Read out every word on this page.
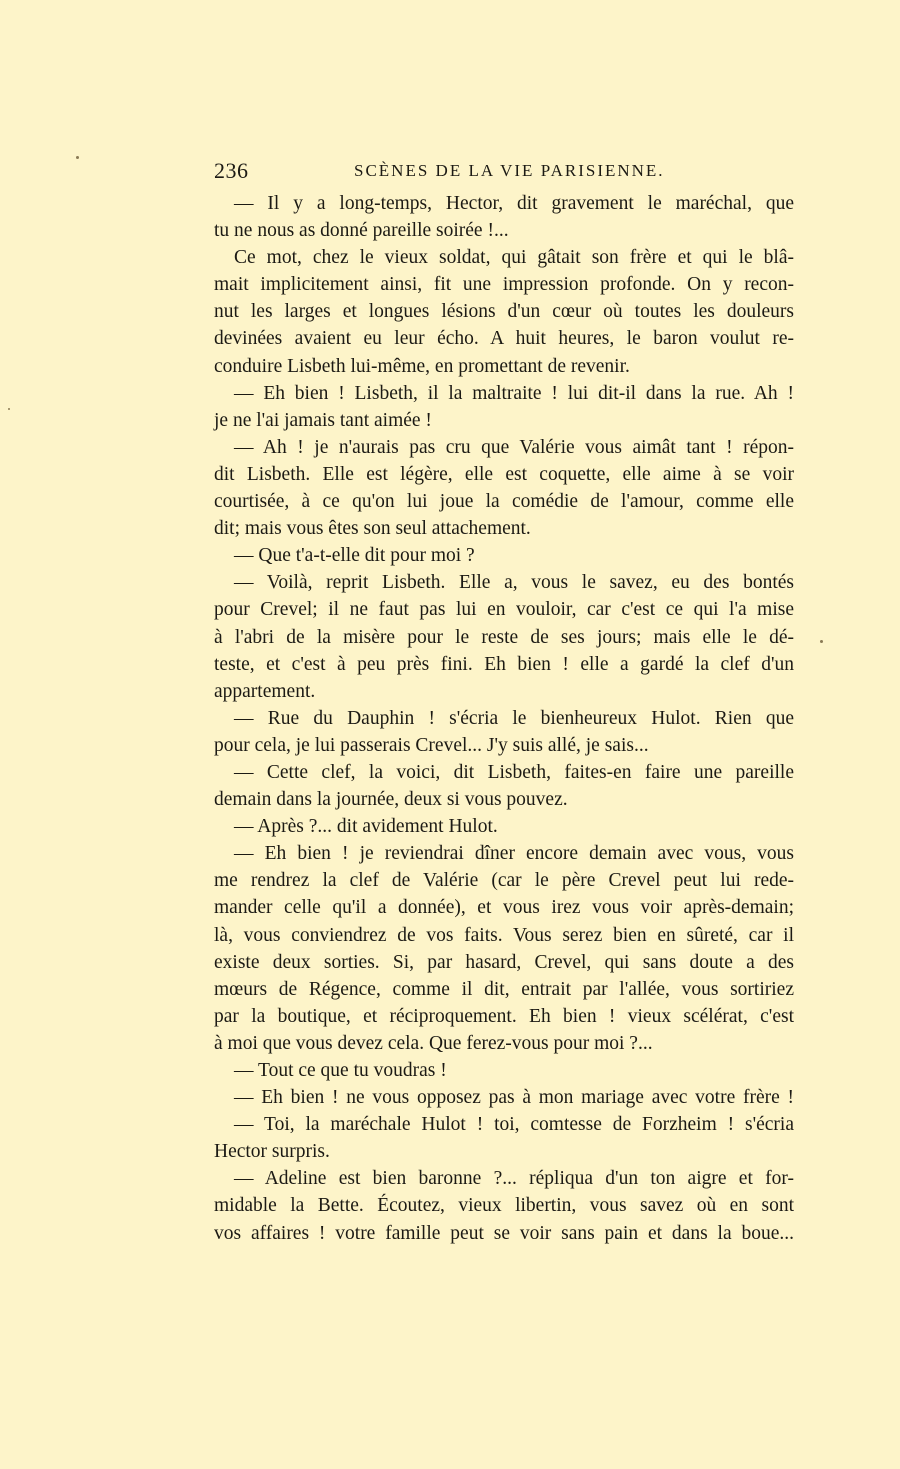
236	SCÈNES DE LA VIE PARISIENNE.
— Il y a long-temps, Hector, dit gravement le maréchal, que
tu ne nous as donné pareille soirée !...
Ce mot, chez le vieux soldat, qui gâtait son frère et qui le blâ-
mait implicitement ainsi, fit une impression profonde. On y recon-
nut les larges et longues lésions d'un cœur où toutes les douleurs
devinées avaient eu leur écho. A huit heures, le baron voulut re-
conduire Lisbeth lui-même, en promettant de revenir.
— Eh bien ! Lisbeth, il la maltraite ! lui dit-il dans la rue. Ah !
je ne l'ai jamais tant aimée !
— Ah ! je n'aurais pas cru que Valérie vous aimât tant ! répon-
dit Lisbeth. Elle est légère, elle est coquette, elle aime à se voir
courtisée, à ce qu'on lui joue la comédie de l'amour, comme elle
dit; mais vous êtes son seul attachement.
— Que t'a-t-elle dit pour moi ?
— Voilà, reprit Lisbeth. Elle a, vous le savez, eu des bontés
pour Crevel; il ne faut pas lui en vouloir, car c'est ce qui l'a mise
à l'abri de la misère pour le reste de ses jours; mais elle le dé-
teste, et c'est à peu près fini. Eh bien ! elle a gardé la clef d'un
appartement.
— Rue du Dauphin ! s'écria le bienheureux Hulot. Rien que
pour cela, je lui passerais Crevel... J'y suis allé, je sais...
— Cette clef, la voici, dit Lisbeth, faites-en faire une pareille
demain dans la journée, deux si vous pouvez.
— Après ?... dit avidement Hulot.
— Eh bien ! je reviendrai dîner encore demain avec vous, vous
me rendrez la clef de Valérie (car le père Crevel peut lui rede-
mander celle qu'il a donnée), et vous irez vous voir après-demain;
là, vous conviendrez de vos faits. Vous serez bien en sûreté, car il
existe deux sorties. Si, par hasard, Crevel, qui sans doute a des
mœurs de Régence, comme il dit, entrait par l'allée, vous sortiriez
par la boutique, et réciproquement. Eh bien ! vieux scélérat, c'est
à moi que vous devez cela. Que ferez-vous pour moi ?...
— Tout ce que tu voudras !
— Eh bien ! ne vous opposez pas à mon mariage avec votre frère !
— Toi, la maréchale Hulot ! toi, comtesse de Forzheim ! s'écria
Hector surpris.
— Adeline est bien baronne ?... répliqua d'un ton aigre et for-
midable la Bette. Écoutez, vieux libertin, vous savez où en sont
vos affaires ! votre famille peut se voir sans pain et dans la boue...
